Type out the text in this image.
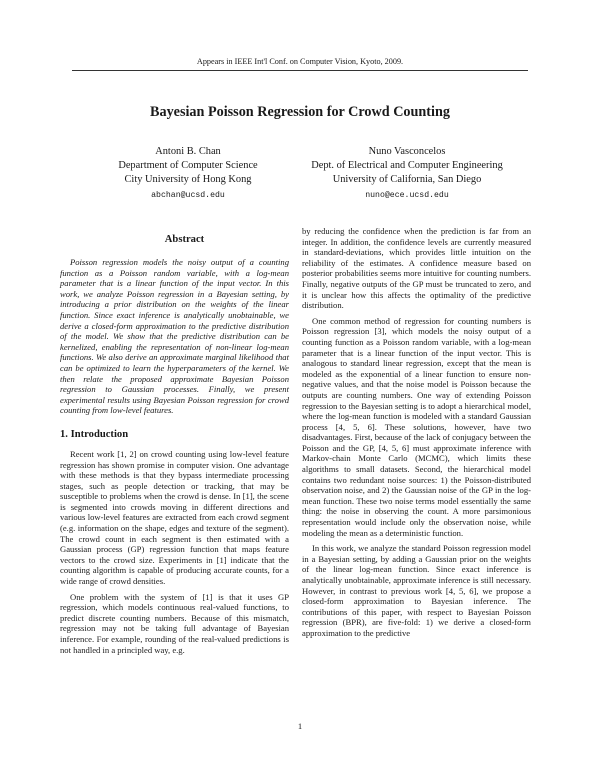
Appears in IEEE Int'l Conf. on Computer Vision, Kyoto, 2009.
Bayesian Poisson Regression for Crowd Counting
Antoni B. Chan
Department of Computer Science
City University of Hong Kong
abchan@ucsd.edu
Nuno Vasconcelos
Dept. of Electrical and Computer Engineering
University of California, San Diego
nuno@ece.ucsd.edu
Abstract

Poisson regression models the noisy output of a counting function as a Poisson random variable, with a log-mean parameter that is a linear function of the input vector. In this work, we analyze Poisson regression in a Bayesian setting, by introducing a prior distribution on the weights of the linear function. Since exact inference is analytically unobtainable, we derive a closed-form approximation to the predictive distribution of the model. We show that the predictive distribution can be kernelized, enabling the representation of non-linear log-mean functions. We also derive an approximate marginal likelihood that can be optimized to learn the hyperparameters of the kernel. We then relate the proposed approximate Bayesian Poisson regression to Gaussian processes. Finally, we present experimental results using Bayesian Poisson regression for crowd counting from low-level features.

1. Introduction

Recent work [1, 2] on crowd counting using low-level feature regression has shown promise in computer vision. One advantage with these methods is that they bypass intermediate processing stages, such as people detection or tracking, that may be susceptible to problems when the crowd is dense. In [1], the scene is segmented into crowds moving in different directions and various low-level features are extracted from each crowd segment (e.g. information on the shape, edges and texture of the segment). The crowd count in each segment is then estimated with a Gaussian process (GP) regression function that maps feature vectors to the crowd size. Experiments in [1] indicate that the counting algorithm is capable of producing accurate counts, for a wide range of crowd densities.

One problem with the system of [1] is that it uses GP regression, which models continuous real-valued functions, to predict discrete counting numbers. Because of this mismatch, regression may not be taking full advantage of Bayesian inference. For example, rounding of the real-valued predictions is not handled in a principled way, e.g.

by reducing the confidence when the prediction is far from an integer. In addition, the confidence levels are currently measured in standard-deviations, which provides little intuition on the reliability of the estimates. A confidence measure based on posterior probabilities seems more intuitive for counting numbers. Finally, negative outputs of the GP must be truncated to zero, and it is unclear how this affects the optimality of the predictive distribution.

One common method of regression for counting numbers is Poisson regression [3], which models the noisy output of a counting function as a Poisson random variable, with a log-mean parameter that is a linear function of the input vector. This is analogous to standard linear regression, except that the mean is modeled as the exponential of a linear function to ensure non-negative values, and that the noise model is Poisson because the outputs are counting numbers. One way of extending Poisson regression to the Bayesian setting is to adopt a hierarchical model, where the log-mean function is modeled with a standard Gaussian process [4, 5, 6]. These solutions, however, have two disadvantages. First, because of the lack of conjugacy between the Poisson and the GP, [4, 5, 6] must approximate inference with Markov-chain Monte Carlo (MCMC), which limits these algorithms to small datasets. Second, the hierarchical model contains two redundant noise sources: 1) the Poisson-distributed observation noise, and 2) the Gaussian noise of the GP in the log-mean function. These two noise terms model essentially the same thing: the noise in observing the count. A more parsimonious representation would include only the observation noise, while modeling the mean as a deterministic function.

In this work, we analyze the standard Poisson regression model in a Bayesian setting, by adding a Gaussian prior on the weights of the linear log-mean function. Since exact inference is analytically unobtainable, approximate inference is still necessary. However, in contrast to previous work [4, 5, 6], we propose a closed-form approximation to Bayesian inference. The contributions of this paper, with respect to Bayesian Poisson regression (BPR), are five-fold: 1) we derive a closed-form approximation to the predictive

1
